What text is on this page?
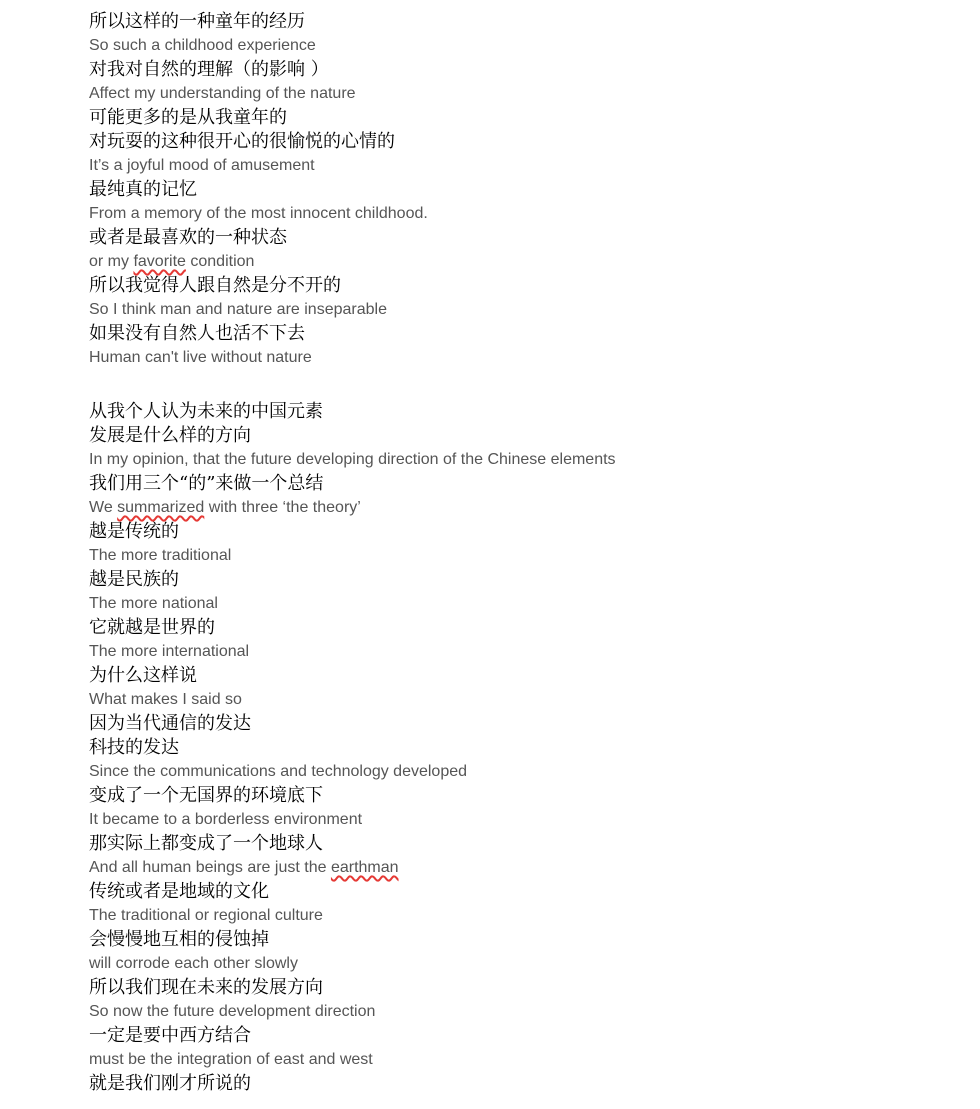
所以这样的一种童年的经历
So such a childhood experience
对我对自然的理解（的影响 ）
Affect my understanding of the nature
可能更多的是从我童年的
对玩耍的这种很开心的很愉悦的心情的
It’s a joyful mood of amusement
最纯真的记忆
From a memory of the most innocent childhood.
或者是最喜欢的一种状态
or my favorite condition
所以我觉得人跟自然是分不开的
So I think man and nature are inseparable
如果没有自然人也活不下去
Human can't live without nature
从我个人认为未来的中国元素
发展是什么样的方向
In my opinion, that the future developing direction of the Chinese elements
我们用三个“的”来做一个总结
We summarized with three ‘the theory’
越是传统的
The more traditional
越是民族的
The more national
它就越是世界的
The more international
为什么这样说
What makes I said so
因为当代通信的发达
科技的发达
Since the communications and technology developed
变成了一个无国界的环境底下
It became to a borderless environment
那实际上都变成了一个地球人
And all human beings are just the earthman
传统或者是地域的文化
The traditional or regional culture
会慢慢地互相的侵蚀掉
will corrode each other slowly
所以我们现在未来的发展方向
So now the future development direction
一定是要中西方结合
must be the integration of east and west
就是我们刚才所说的
